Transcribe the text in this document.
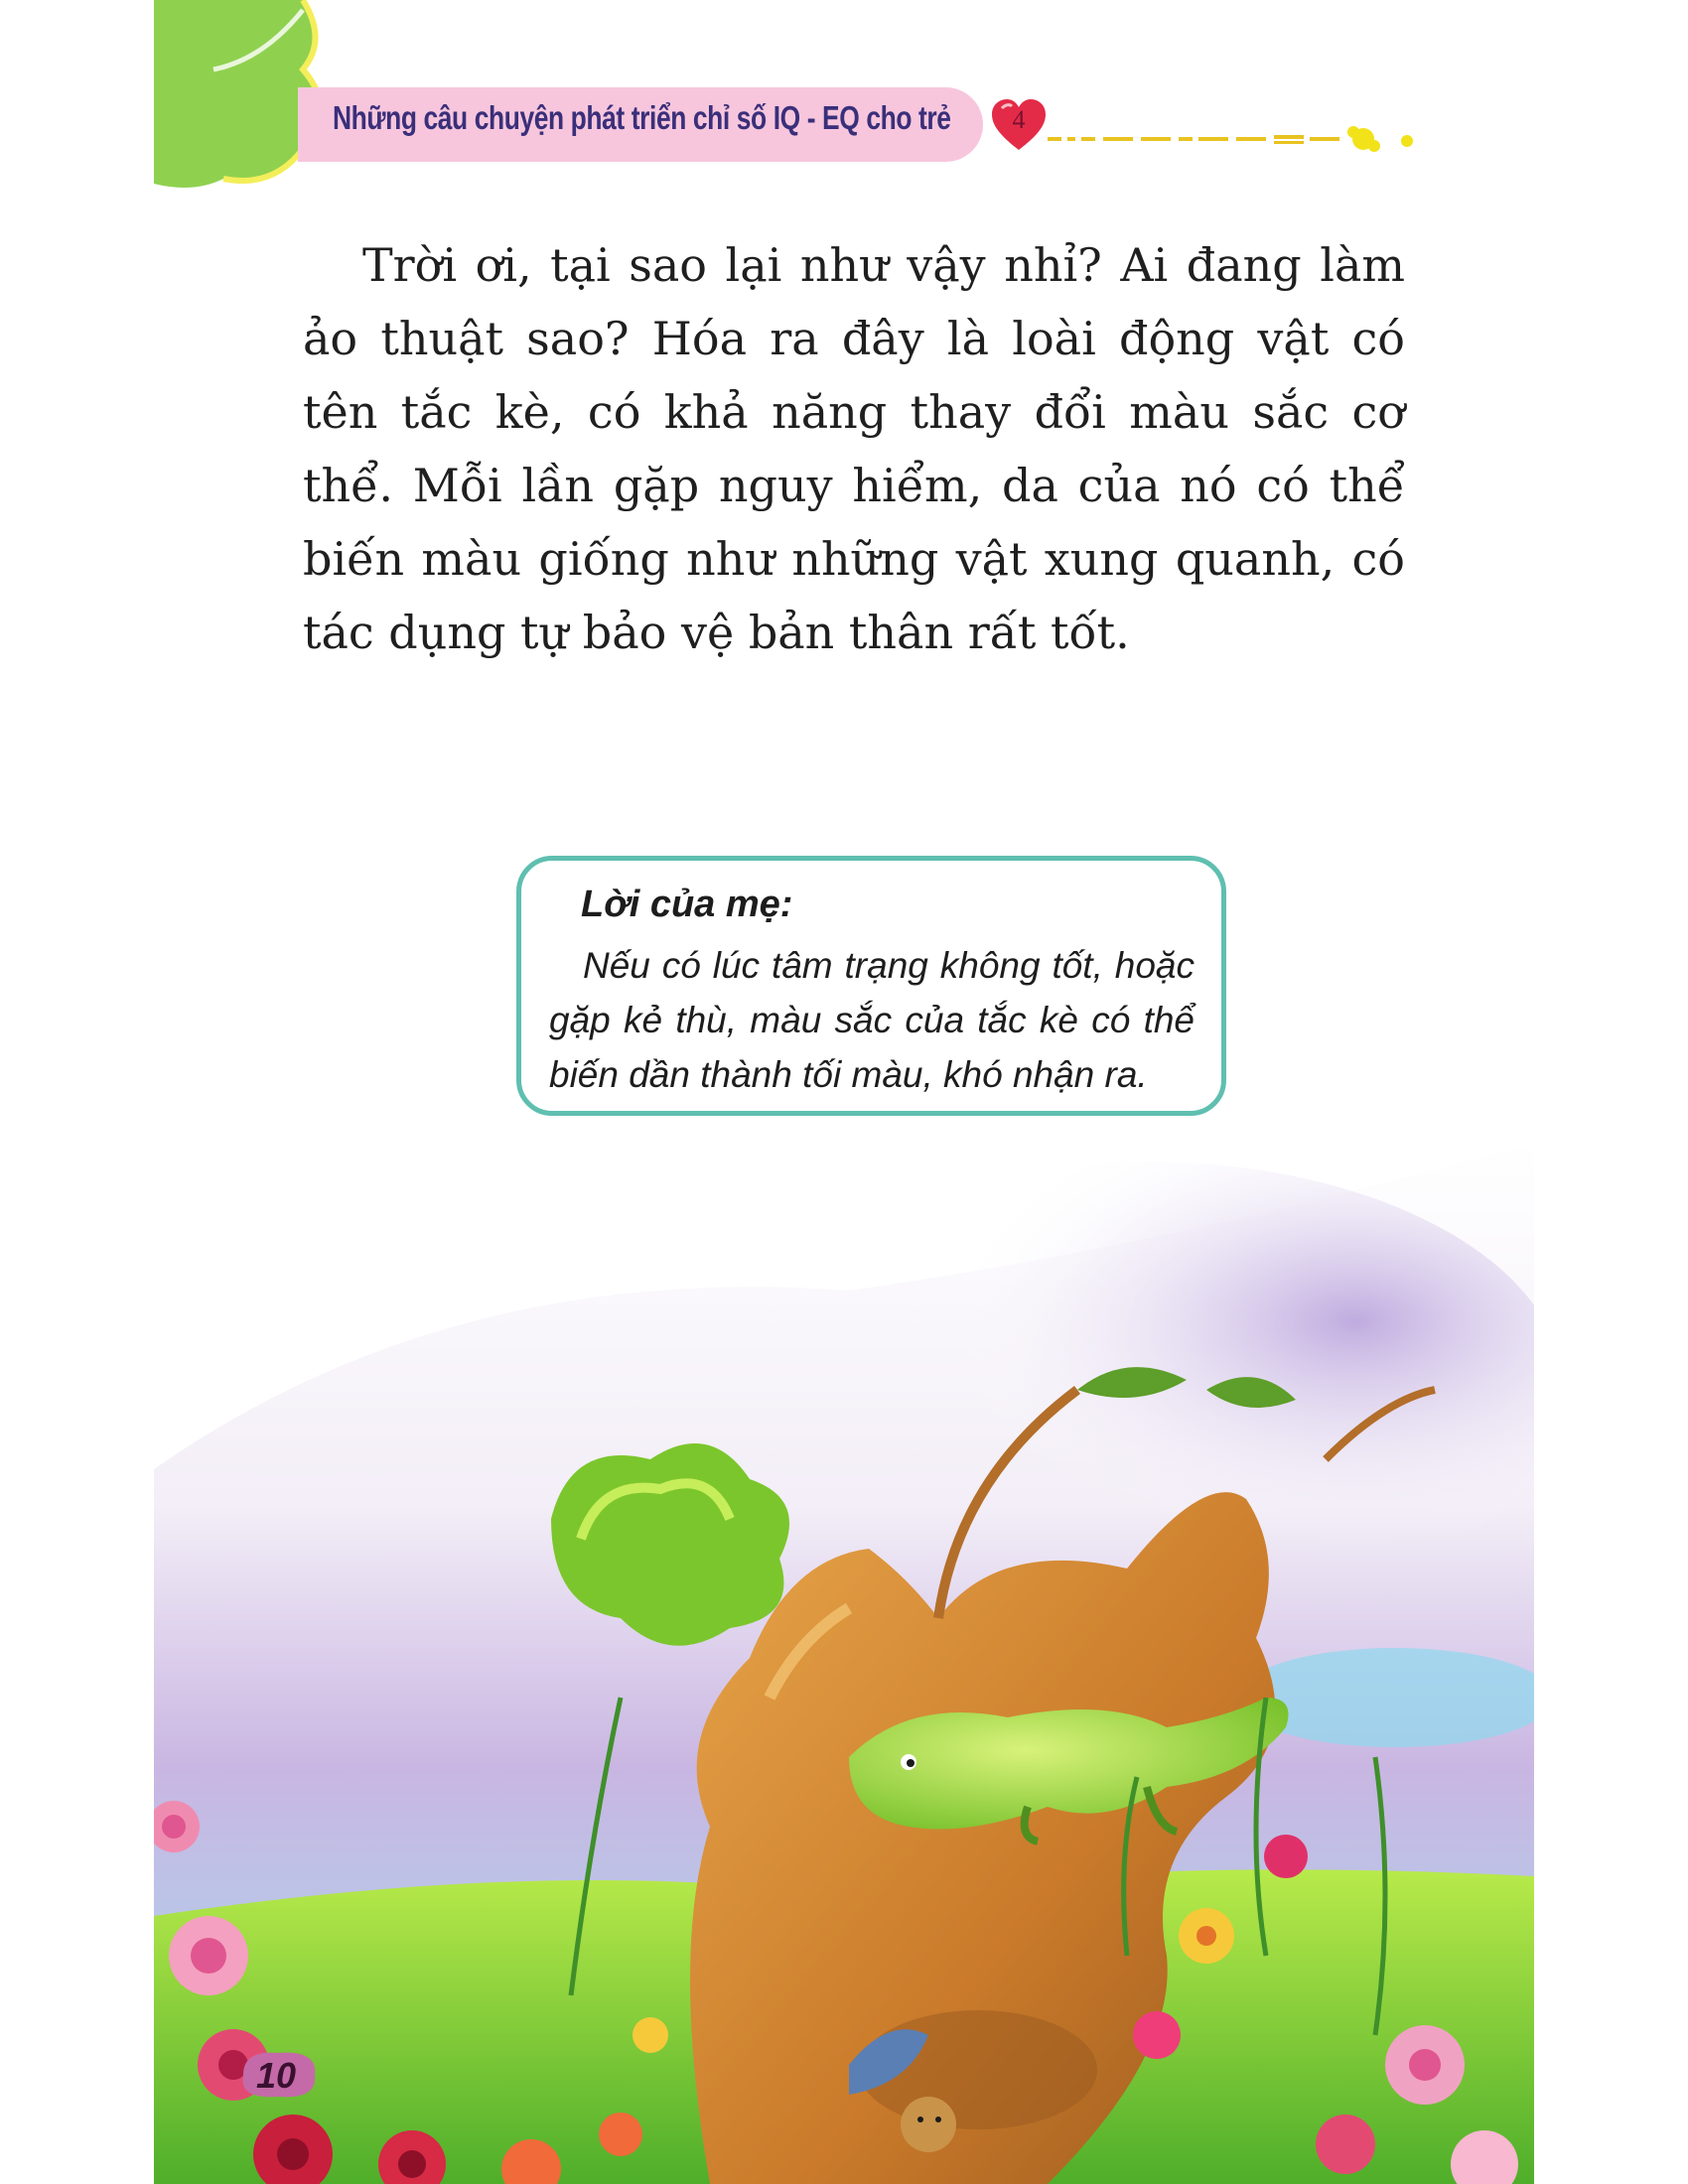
Những câu chuyện phát triển chỉ số IQ - EQ cho trẻ	4

Trời ơi, tại sao lại như vậy nhỉ? Ai đang làm ảo thuật sao? Hóa ra đây là loài động vật có tên tắc kè, có khả năng thay đổi màu sắc cơ thể. Mỗi lần gặp nguy hiểm, da của nó có thể biến màu giống như những vật xung quanh, có tác dụng tự bảo vệ bản thân rất tốt.

Lời của mẹ:

Nếu có lúc tâm trạng không tốt, hoặc gặp kẻ thù, màu sắc của tắc kè có thể biến dần thành tối màu, khó nhận ra.

10
